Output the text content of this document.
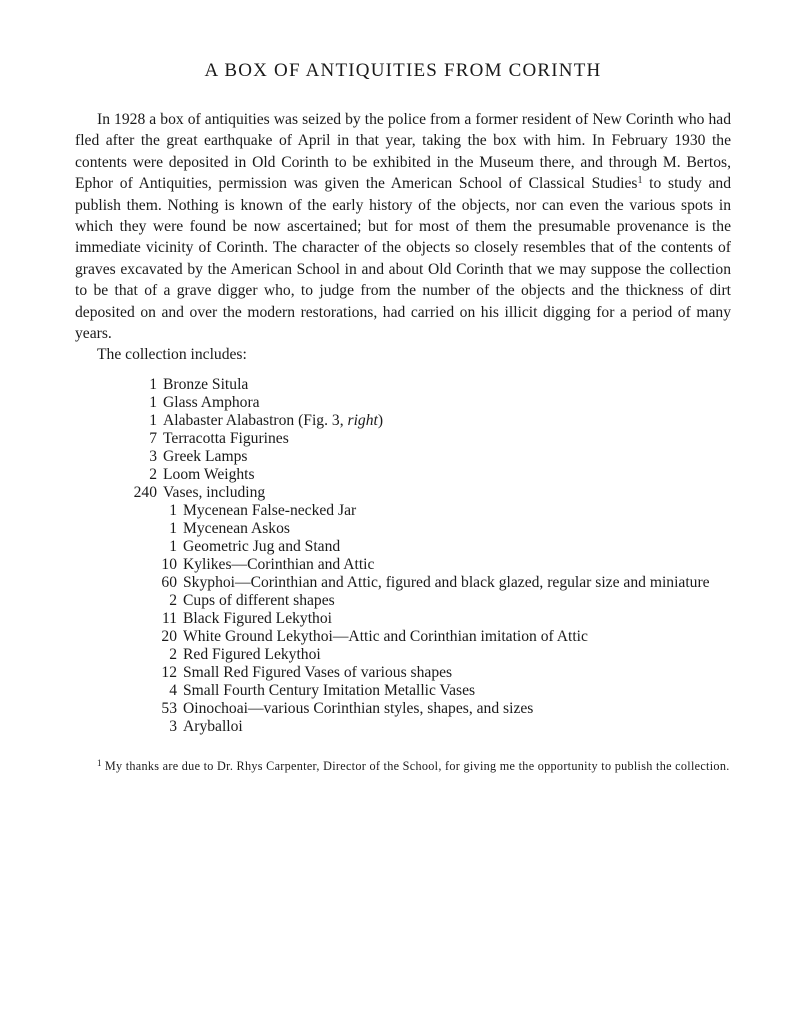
A BOX OF ANTIQUITIES FROM CORINTH

In 1928 a box of antiquities was seized by the police from a former resident of New Corinth who had fled after the great earthquake of April in that year, taking the box with him. In February 1930 the contents were deposited in Old Corinth to be exhibited in the Museum there, and through M. Bertos, Ephor of Antiquities, permission was given the American School of Classical Studies$^1$ to study and publish them. Nothing is known of the early history of the objects, nor can even the various spots in which they were found be now ascertained; but for most of them the presumable provenance is the immediate vicinity of Corinth. The character of the objects so closely resembles that of the contents of graves excavated by the American School in and about Old Corinth that we may suppose the collection to be that of a grave digger who, to judge from the number of the objects and the thickness of dirt deposited on and over the modern restorations, had carried on his illicit digging for a period of many years.

The collection includes:

1 Bronze Situla
1 Glass Amphora
1 Alabaster Alabastron (Fig. 3, right)
7 Terracotta Figurines
3 Greek Lamps
2 Loom Weights
240 Vases, including
1 Mycenean False-necked Jar
1 Mycenean Askos
1 Geometric Jug and Stand
10 Kylikes—Corinthian and Attic
60 Skyphoi—Corinthian and Attic, figured and black glazed, regular size and miniature
2 Cups of different shapes
11 Black Figured Lekythoi
20 White Ground Lekythoi—Attic and Corinthian imitation of Attic
2 Red Figured Lekythoi
12 Small Red Figured Vases of various shapes
4 Small Fourth Century Imitation Metallic Vases
53 Oinochoai—various Corinthian styles, shapes, and sizes
3 Aryballoi

$^1$ My thanks are due to Dr. Rhys Carpenter, Director of the School, for giving me the opportunity to publish the collection.
